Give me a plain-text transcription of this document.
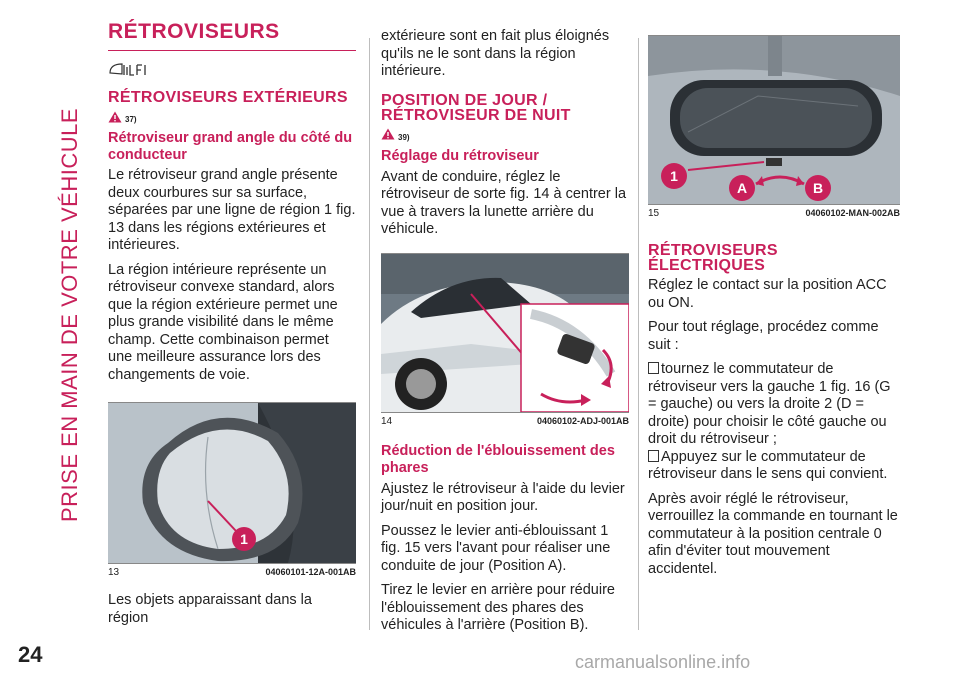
PRISE EN MAIN DE VOTRE VÉHICULE
RÉTROVISEURS
RÉTROVISEURS EXTÉRIEURS
37)
Rétroviseur grand angle du côté du conducteur

Le rétroviseur grand angle présente deux courbures sur sa surface, séparées par une ligne de région 1 fig. 13 dans les régions extérieures et intérieures.

La région intérieure représente un rétroviseur convexe standard, alors que la région extérieure permet une plus grande visibilité dans le même champ. Cette combinaison permet une meilleure assurance lors des changements de voie.

1
13	04060101-12A-001AB

Les objets apparaissant dans la région

extérieure sont en fait plus éloignés qu'ils ne le sont dans la région intérieure.

POSITION DE JOUR / RÉTROVISEUR DE NUIT
39)
Réglage du rétroviseur

Avant de conduire, réglez le rétroviseur de sorte fig. 14 à centrer la vue à travers la lunette arrière du véhicule.

14	04060102-ADJ-001AB
Réduction de l'éblouissement des phares

Ajustez le rétroviseur à l'aide du levier jour/nuit en position jour.

Poussez le levier anti-éblouissant 1 fig. 15 vers l'avant pour réaliser une conduite de jour (Position A).

Tirez le levier en arrière pour réduire l'éblouissement des phares des véhicules à l'arrière (Position B).

1
A	B
15	04060102-MAN-002AB
RÉTROVISEURS ÉLECTRIQUES

Réglez le contact sur la position ACC ou ON.

Pour tout réglage, procédez comme suit :

tournez le commutateur de rétroviseur vers la gauche 1 fig. 16 (G = gauche) ou vers la droite 2 (D = droite) pour choisir le côté gauche ou droit du rétroviseur ;

Appuyez sur le commutateur de rétroviseur dans le sens qui convient.

Après avoir réglé le rétroviseur, verrouillez la commande en tournant le commutateur à la position centrale 0 afin d'éviter tout mouvement accidentel.

24	carmanualsonline.info
